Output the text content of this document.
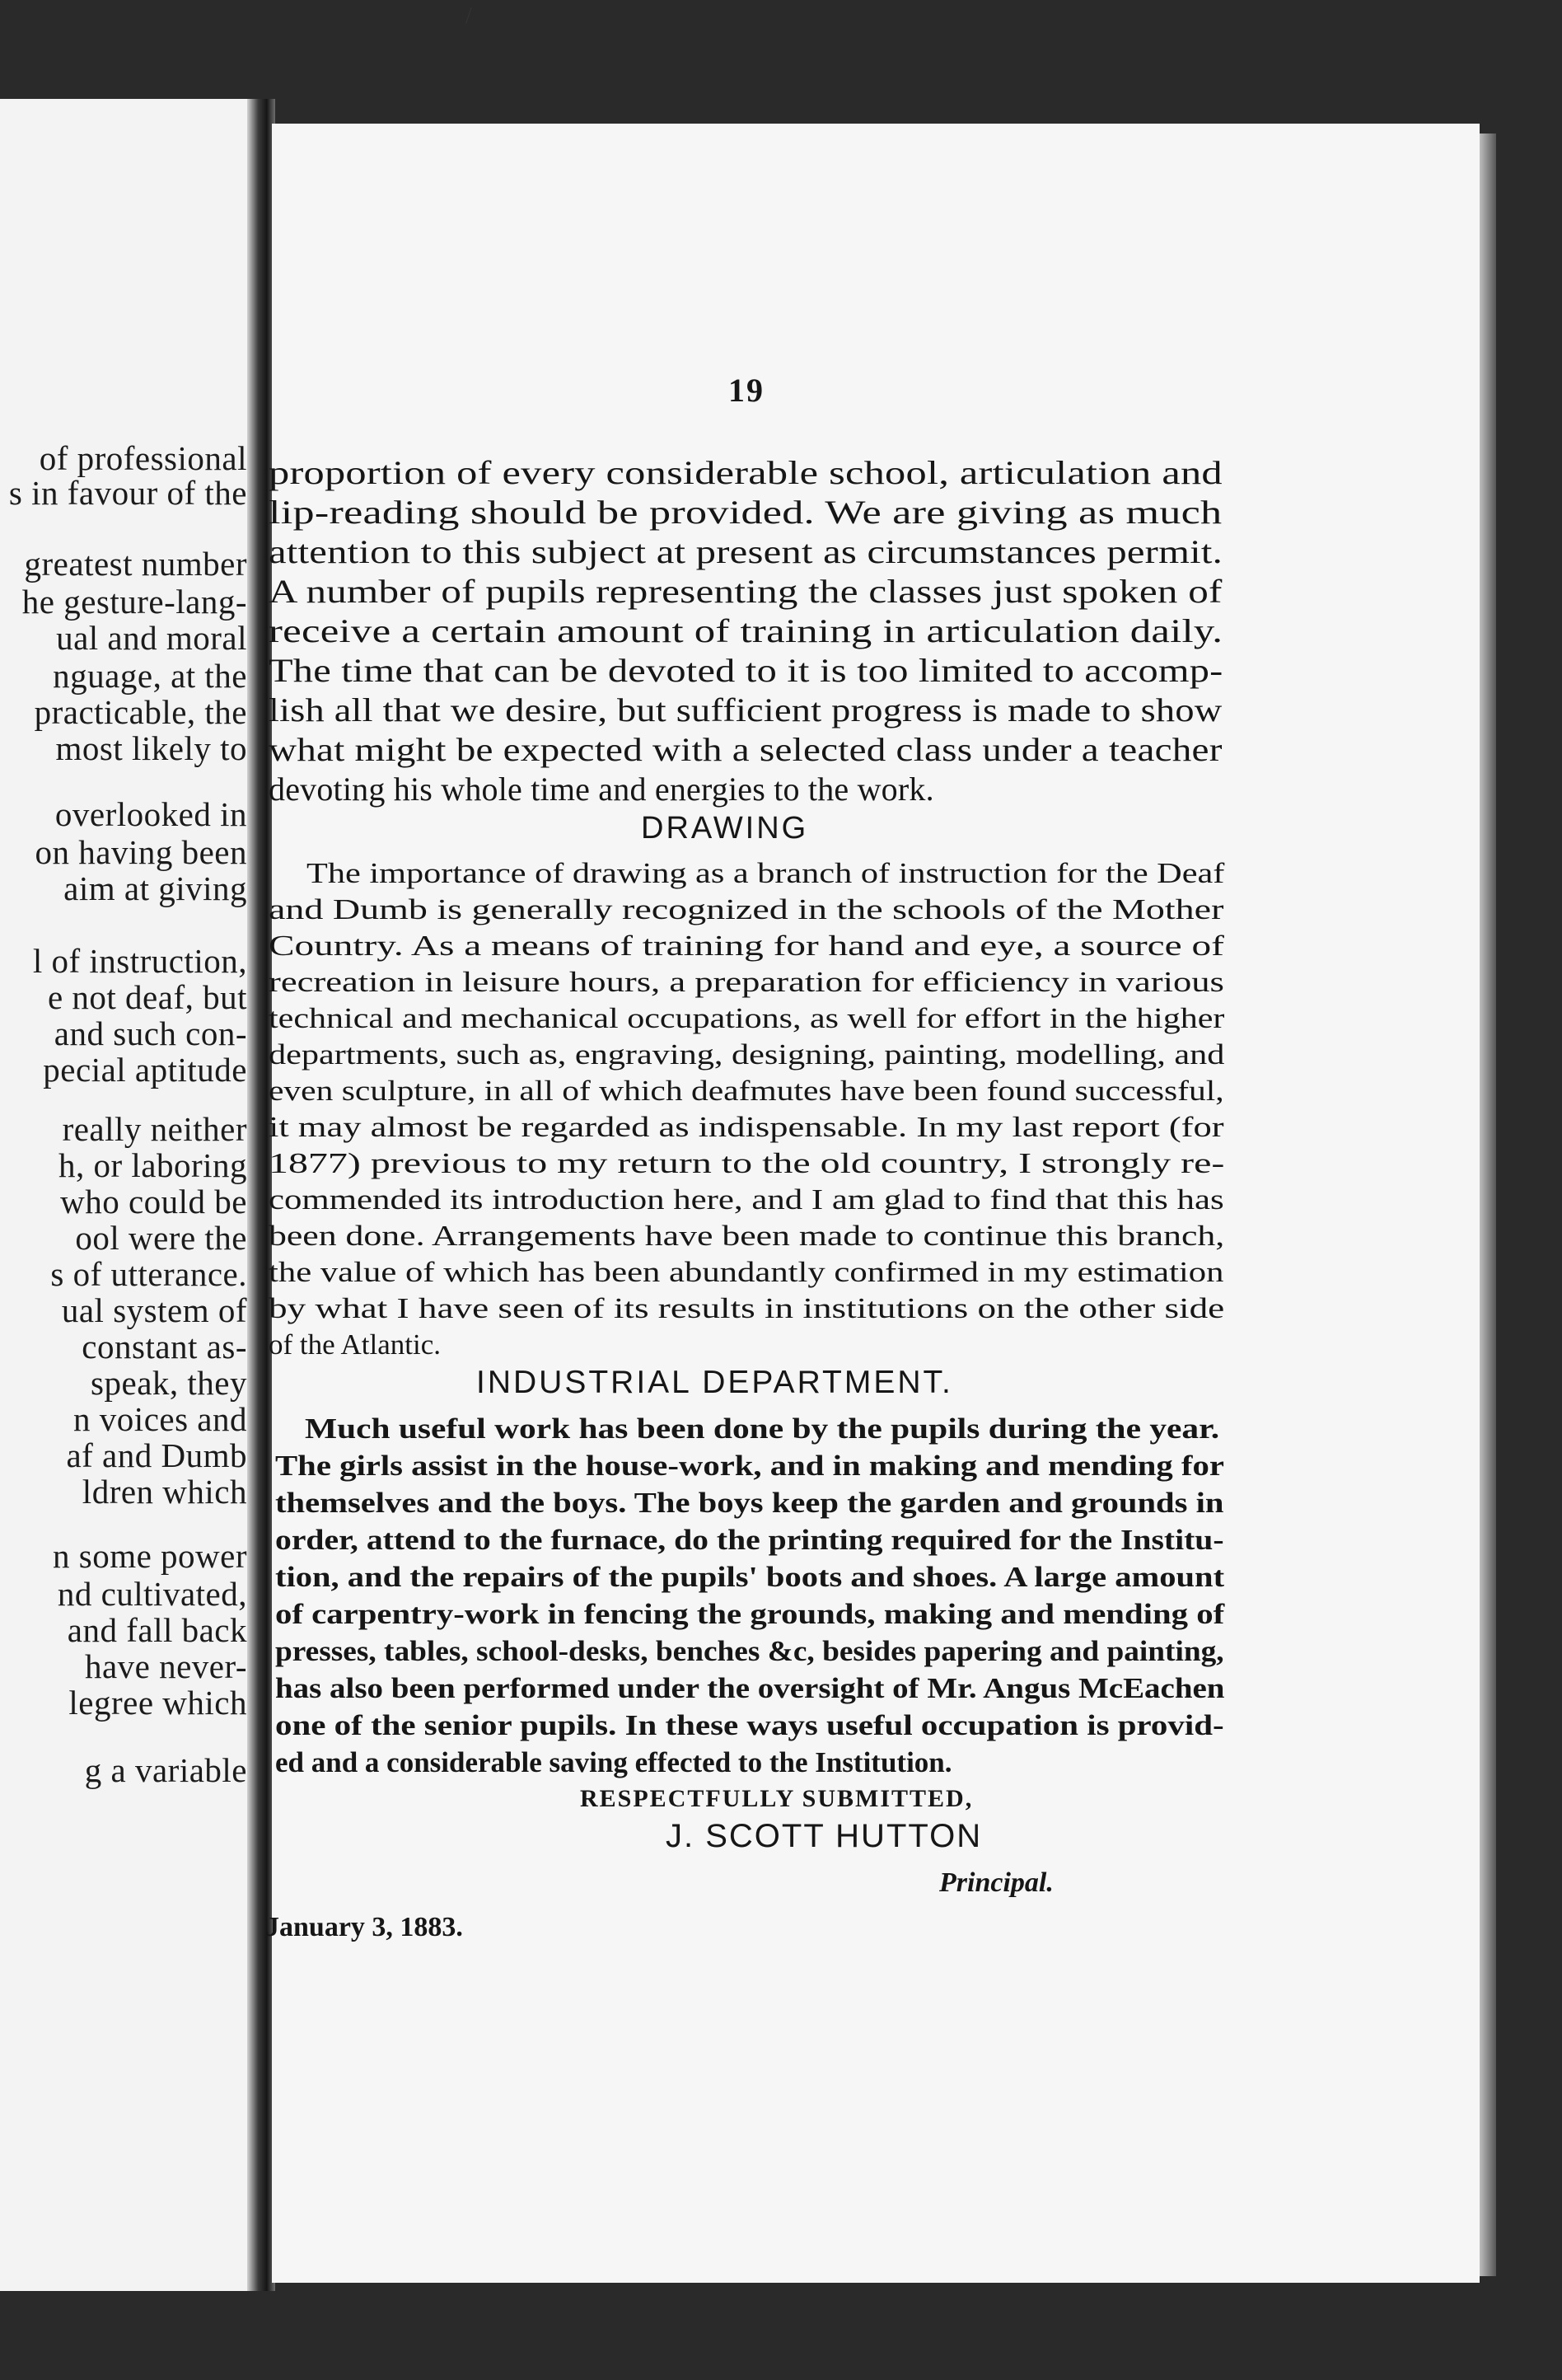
of professional
s in favour of the
greatest number
he gesture-lang-
ual and moral
nguage, at the
practicable, the
most likely to
overlooked in
on having been
aim at giving
l of instruction,
e not deaf, but
and such con-
pecial aptitude
really neither
h, or laboring
who could be
ool were the
s of utterance.
ual system of
constant as-
speak, they
n voices and
af and Dumb
ldren which
n some power
nd cultivated,
and fall back
have never-
legree which
g a variable
/
19
proportion of every considerable school, articulation and
lip-reading should be provided. We are giving as much
attention to this subject at present as circumstances permit.
A number of pupils representing the classes just spoken of
receive a certain amount of training in articulation daily.
The time that can be devoted to it is too limited to accomp-
lish all that we desire, but sufficient progress is made to show
what might be expected with a selected class under a teacher
devoting his whole time and energies to the work.
DRAWING
The importance of drawing as a branch of instruction for the Deaf
and Dumb is generally recognized in the schools of the Mother
Country. As a means of training for hand and eye, a source of
recreation in leisure hours, a preparation for efficiency in various
technical and mechanical occupations, as well for effort in the higher
departments, such as, engraving, designing, painting, modelling, and
even sculpture, in all of which deafmutes have been found successful,
it may almost be regarded as indispensable. In my last report (for
1877) previous to my return to the old country, I strongly re-
commended its introduction here, and I am glad to find that this has
been done. Arrangements have been made to continue this branch,
the value of which has been abundantly confirmed in my estimation
by what I have seen of its results in institutions on the other side
of the Atlantic.
INDUSTRIAL DEPARTMENT.
Much useful work has been done by the pupils during the year.
The girls assist in the house-work, and in making and mending for
themselves and the boys. The boys keep the garden and grounds in
order, attend to the furnace, do the printing required for the Institu-
tion, and the repairs of the pupils' boots and shoes. A large amount
of carpentry-work in fencing the grounds, making and mending of
presses, tables, school-desks, benches &c, besides papering and painting,
has also been performed under the oversight of Mr. Angus McEachen
one of the senior pupils. In these ways useful occupation is provid-
ed and a considerable saving effected to the Institution.
RESPECTFULLY SUBMITTED,
J. SCOTT HUTTON
Principal.
January 3, 1883.
